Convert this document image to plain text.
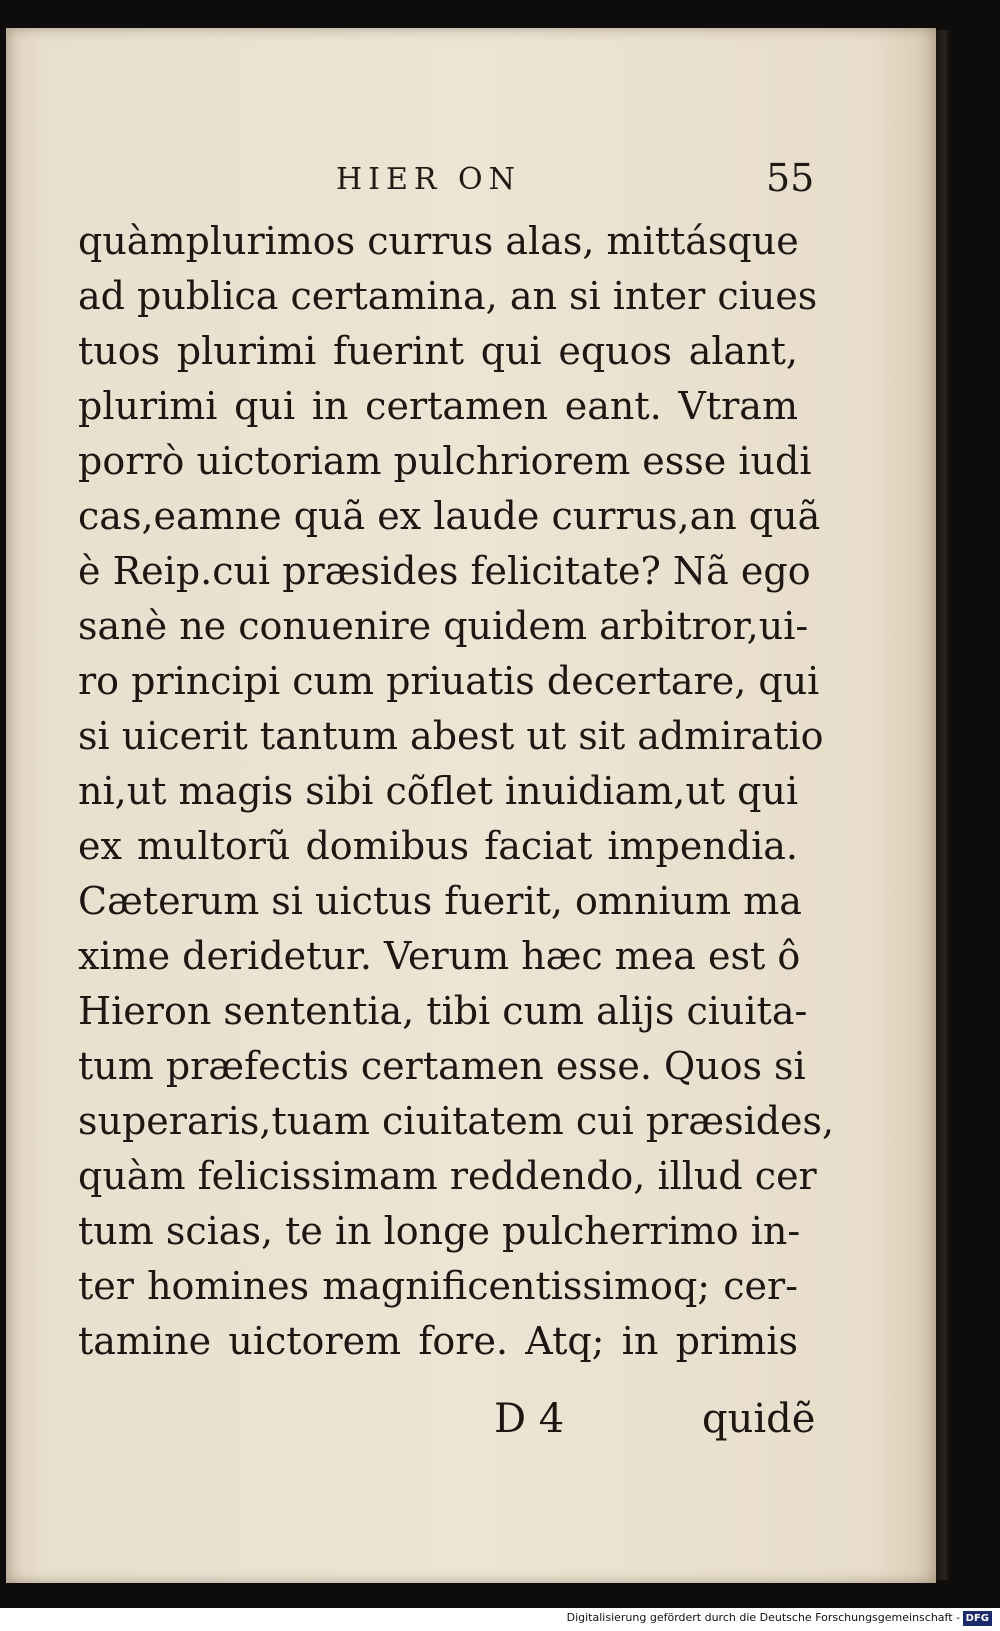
HIER ON	55
quàmplurimos currus alas, mittásque
ad publica certamina, an si inter ciues
tuos plurimi fuerint qui equos alant,
plurimi qui in certamen eant. Vtram
porrò uictoriam pulchriorem esse iudi
cas,eamne quã ex laude currus,an quã
è Reip.cui præsides felicitate? Nã ego
sanè ne conuenire quidem arbitror,ui-
ro principi cum priuatis decertare, qui
si uicerit tantum abest ut sit admiratio
ni,ut magis sibi cõflet inuidiam,ut qui
ex multorũ domibus faciat impendia.
Cæterum si uictus fuerit, omnium ma
xime deridetur. Verum hæc mea est ô
Hieron sententia, tibi cum alijs ciuita-
tum præfectis certamen esse. Quos si
superaris,tuam ciuitatem cui præsides,
quàm felicissimam reddendo, illud cer
tum scias, te in longe pulcherrimo in-
ter homines magnificentissimoq; cer-
tamine uictorem fore. Atq; in primis
D 4	quidẽ
Digitalisierung gefördert durch die Deutsche Forschungsgemeinschaft - DFG
